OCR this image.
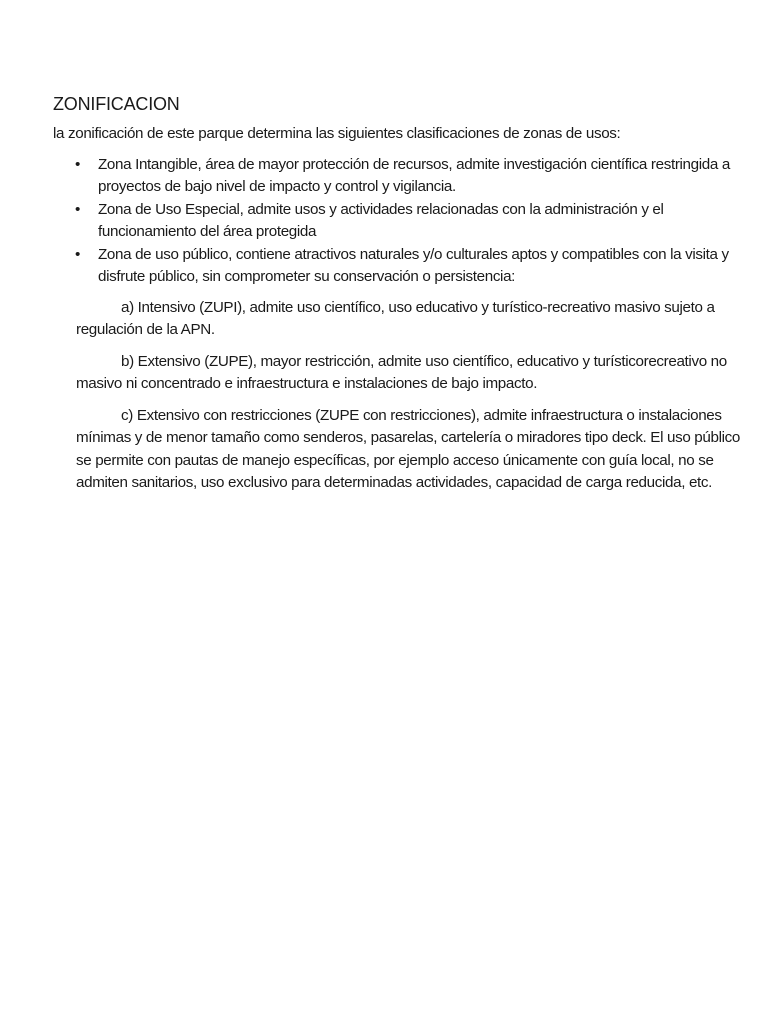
ZONIFICACION

la zonificación de este parque determina las siguientes clasificaciones de zonas de usos:

• Zona Intangible, área de mayor protección de recursos, admite investigación científica restringida a proyectos de bajo nivel de impacto y control y vigilancia.
• Zona de Uso Especial, admite usos y actividades relacionadas con la administración y el funcionamiento del área protegida
• Zona de uso público, contiene atractivos naturales y/o culturales aptos y compatibles con la visita y disfrute público, sin comprometer su conservación o persistencia:

a) Intensivo (ZUPI), admite uso científico, uso educativo y turístico-recreativo masivo sujeto a regulación de la APN.

b) Extensivo (ZUPE), mayor restricción, admite uso científico, educativo y turísticorecreativo no masivo ni concentrado e infraestructura e instalaciones de bajo impacto.

c) Extensivo con restricciones (ZUPE con restricciones), admite infraestructura o instalaciones mínimas y de menor tamaño como senderos, pasarelas, cartelería o miradores tipo deck. El uso público se permite con pautas de manejo específicas, por ejemplo acceso únicamente con guía local, no se admiten sanitarios, uso exclusivo para determinadas actividades, capacidad de carga reducida, etc.
